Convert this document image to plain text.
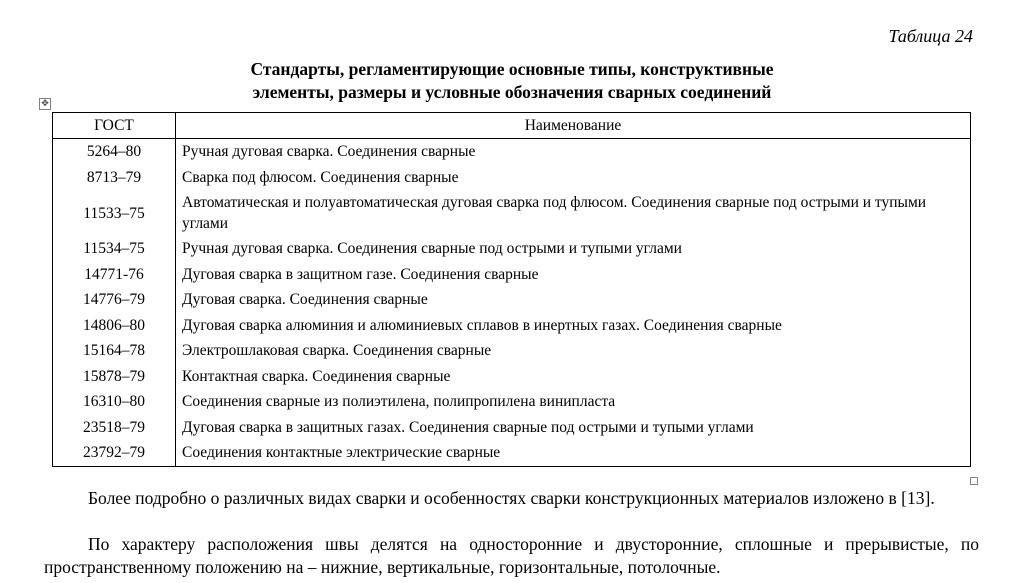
Таблица 24
Стандарты, регламентирующие основные типы, конструктивные
элементы, размеры и условные обозначения сварных соединений
✥
ГОСТ	Наименование
5264–80	Ручная дуговая сварка. Соединения сварные
8713–79	Сварка под флюсом. Соединения сварные
11533–75	Автоматическая и полуавтоматическая дуговая сварка под флюсом. Соединения сварные под острыми и тупыми углами
11534–75	Ручная дуговая сварка. Соединения сварные под острыми и тупыми углами
14771-76	Дуговая сварка в защитном газе. Соединения сварные
14776–79	Дуговая сварка. Соединения сварные
14806–80	Дуговая сварка алюминия и алюминиевых сплавов в инертных газах. Соединения сварные
15164–78	Электрошлаковая сварка. Соединения сварные
15878–79	Контактная сварка. Соединения сварные
16310–80	Соединения сварные из полиэтилена, полипропилена винипласта
23518–79	Дуговая сварка в защитных газах. Соединения сварные под острыми и тупыми углами
23792–79	Соединения контактные электрические сварные

Более подробно о различных видах сварки и особенностях сварки конструкционных материалов изложено в [13].

По характеру расположения швы делятся на односторонние и двусторонние, сплошные и прерывистые, по пространственному положению на – нижние, вертикальные, горизонтальные, потолочные.
